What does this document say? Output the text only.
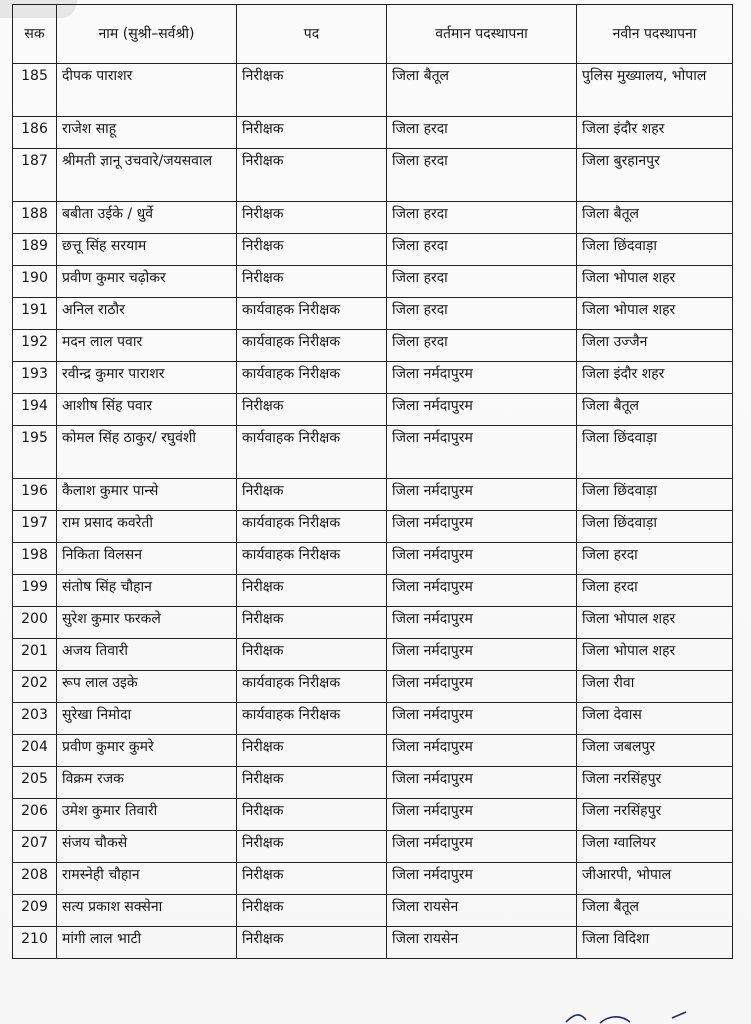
सक	नाम (सुश्री–सर्वश्री)	पद	वर्तमान पदस्थापना	नवीन पदस्थापना
185	दीपक पाराशर	निरीक्षक	जिला बैतूल	पुलिस मुख्यालय, भोपाल
186	राजेश साहू	निरीक्षक	जिला हरदा	जिला इंदौर शहर
187	श्रीमती ज्ञानू उचवारे/जयसवाल	निरीक्षक	जिला हरदा	जिला बुरहानपुर
188	बबीता उईके / धुर्वे	निरीक्षक	जिला हरदा	जिला बैतूल
189	छत्तू सिंह सरयाम	निरीक्षक	जिला हरदा	जिला छिंदवाड़ा
190	प्रवीण कुमार चढ़ोकर	निरीक्षक	जिला हरदा	जिला भोपाल शहर
191	अनिल राठौर	कार्यवाहक निरीक्षक	जिला हरदा	जिला भोपाल शहर
192	मदन लाल पवार	कार्यवाहक निरीक्षक	जिला हरदा	जिला उज्जैन
193	रवीन्द्र कुमार पाराशर	कार्यवाहक निरीक्षक	जिला नर्मदापुरम	जिला इंदौर शहर
194	आशीष सिंह पवार	निरीक्षक	जिला नर्मदापुरम	जिला बैतूल
195	कोमल सिंह ठाकुर/ रघुवंशी	कार्यवाहक निरीक्षक	जिला नर्मदापुरम	जिला छिंदवाड़ा
196	कैलाश कुमार पान्से	निरीक्षक	जिला नर्मदापुरम	जिला छिंदवाड़ा
197	राम प्रसाद कवरेती	कार्यवाहक निरीक्षक	जिला नर्मदापुरम	जिला छिंदवाड़ा
198	निकिता विलसन	कार्यवाहक निरीक्षक	जिला नर्मदापुरम	जिला हरदा
199	संतोष सिंह चौहान	निरीक्षक	जिला नर्मदापुरम	जिला हरदा
200	सुरेश कुमार फरकले	निरीक्षक	जिला नर्मदापुरम	जिला भोपाल शहर
201	अजय तिवारी	निरीक्षक	जिला नर्मदापुरम	जिला भोपाल शहर
202	रूप लाल उइके	कार्यवाहक निरीक्षक	जिला नर्मदापुरम	जिला रीवा
203	सुरेखा निमोदा	कार्यवाहक निरीक्षक	जिला नर्मदापुरम	जिला देवास
204	प्रवीण कुमार कुमरे	निरीक्षक	जिला नर्मदापुरम	जिला जबलपुर
205	विक्रम रजक	निरीक्षक	जिला नर्मदापुरम	जिला नरसिंहपुर
206	उमेश कुमार तिवारी	निरीक्षक	जिला नर्मदापुरम	जिला नरसिंहपुर
207	संजय चौकसे	निरीक्षक	जिला नर्मदापुरम	जिला ग्वालियर
208	रामस्नेही चौहान	निरीक्षक	जिला नर्मदापुरम	जीआरपी, भोपाल
209	सत्य प्रकाश सक्सेना	निरीक्षक	जिला रायसेन	जिला बैतूल
210	मांगी लाल भाटी	निरीक्षक	जिला रायसेन	जिला विदिशा
